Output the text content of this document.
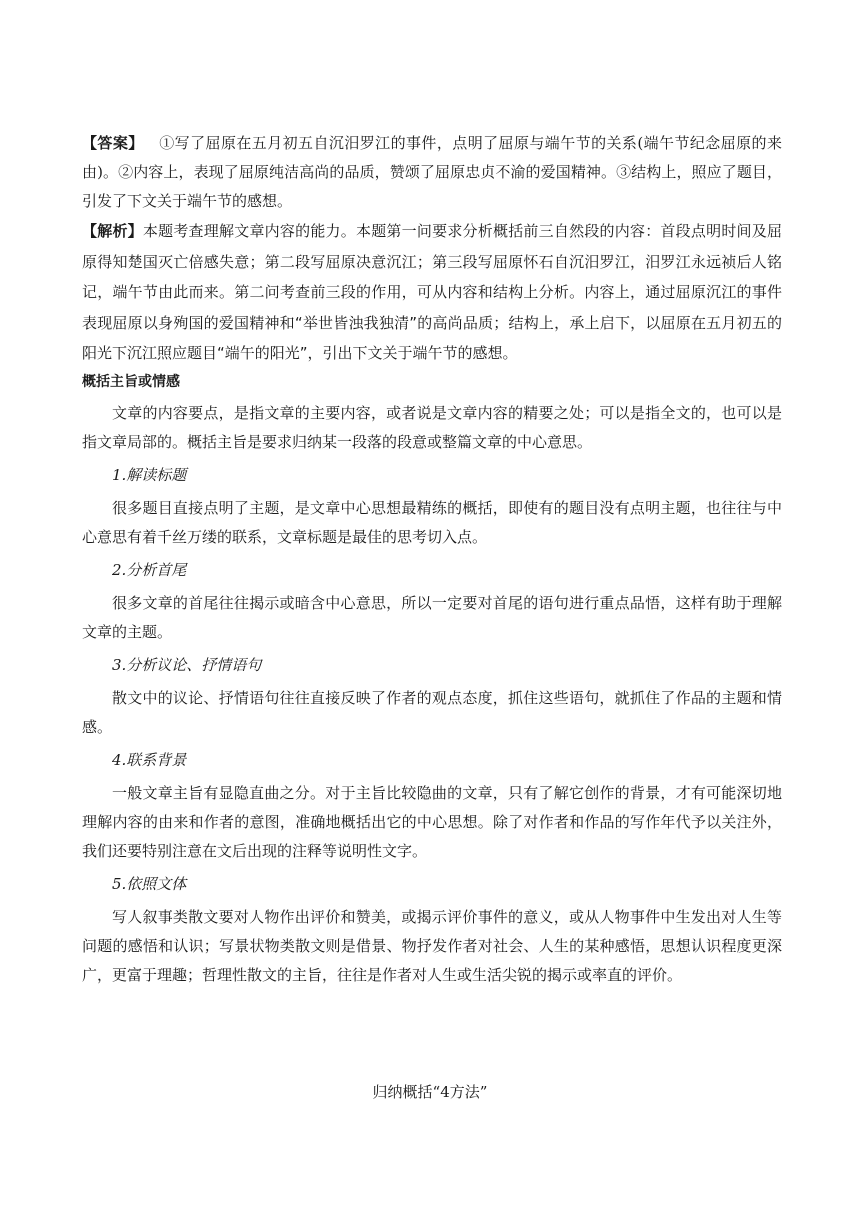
【答案】 ①写了屈原在五月初五自沉汨罗江的事件，点明了屈原与端午节的关系(端午节纪念屈原的来由)。②内容上，表现了屈原纯洁高尚的品质，赞颂了屈原忠贞不渝的爱国精神。③结构上，照应了题目，引发了下文关于端午节的感想。

【解析】本题考查理解文章内容的能力。本题第一问要求分析概括前三自然段的内容：首段点明时间及屈原得知楚国灭亡倍感失意；第二段写屈原决意沉江；第三段写屈原怀石自沉汨罗江，汨罗江永远祯后人铭记，端午节由此而来。第二问考查前三段的作用，可从内容和结构上分析。内容上，通过屈原沉江的事件表现屈原以身殉国的爱国精神和“举世皆浊我独清”的高尚品质；结构上，承上启下，以屈原在五月初五的阳光下沉江照应题目“端午的阳光”，引出下文关于端午节的感想。

概括主旨或情感

文章的内容要点，是指文章的主要内容，或者说是文章内容的精要之处；可以是指全文的，也可以是指文章局部的。概括主旨是要求归纳某一段落的段意或整篇文章的中心意思。

1.解读标题

很多题目直接点明了主题，是文章中心思想最精练的概括，即使有的题目没有点明主题，也往往与中心意思有着千丝万缕的联系，文章标题是最佳的思考切入点。

2.分析首尾

很多文章的首尾往往揭示或暗含中心意思，所以一定要对首尾的语句进行重点品悟，这样有助于理解文章的主题。

3.分析议论、抒情语句

散文中的议论、抒情语句往往直接反映了作者的观点态度，抓住这些语句，就抓住了作品的主题和情感。

4.联系背景

一般文章主旨有显隐直曲之分。对于主旨比较隐曲的文章，只有了解它创作的背景，才有可能深切地理解内容的由来和作者的意图，准确地概括出它的中心思想。除了对作者和作品的写作年代予以关注外，我们还要特别注意在文后出现的注释等说明性文字。

5.依照文体

写人叙事类散文要对人物作出评价和赞美，或揭示评价事件的意义，或从人物事件中生发出对人生等问题的感悟和认识；写景状物类散文则是借景、物抒发作者对社会、人生的某种感悟，思想认识程度更深广，更富于理趣；哲理性散文的主旨，往往是作者对人生或生活尖锐的揭示或率直的评价。

归纳概括“4方法”
